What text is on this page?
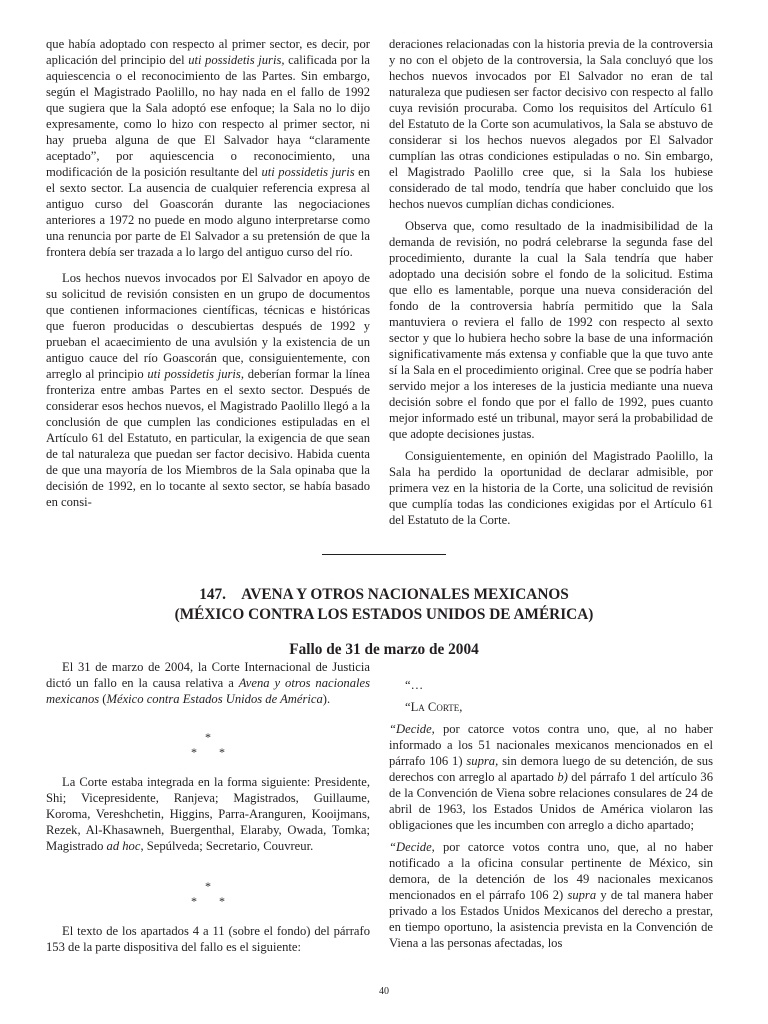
que había adoptado con respecto al primer sector, es decir, por aplicación del principio del uti possidetis juris, calificada por la aquiescencia o el reconocimiento de las Partes. Sin embargo, según el Magistrado Paolillo, no hay nada en el fallo de 1992 que sugiera que la Sala adoptó ese enfoque; la Sala no lo dijo expresamente, como lo hizo con respecto al primer sector, ni hay prueba alguna de que El Salvador haya “claramente aceptado”, por aquiescencia o reconocimiento, una modificación de la posición resultante del uti possidetis juris en el sexto sector. La ausencia de cualquier referencia expresa al antiguo curso del Goascorán durante las negociaciones anteriores a 1972 no puede en modo alguno interpretarse como una renuncia por parte de El Salvador a su pretensión de que la frontera debía ser trazada a lo largo del antiguo curso del río.

Los hechos nuevos invocados por El Salvador en apoyo de su solicitud de revisión consisten en un grupo de documentos que contienen informaciones científicas, técnicas e históricas que fueron producidas o descubiertas después de 1992 y prueban el acaecimiento de una avulsión y la existencia de un antiguo cauce del río Goascorán que, consiguientemente, con arreglo al principio uti possidetis juris, deberían formar la línea fronteriza entre ambas Partes en el sexto sector. Después de considerar esos hechos nuevos, el Magistrado Paolillo llegó a la conclusión de que cumplen las condiciones estipuladas en el Artículo 61 del Estatuto, en particular, la exigencia de que sean de tal naturaleza que puedan ser factor decisivo. Habida cuenta de que una mayoría de los Miembros de la Sala opinaba que la decisión de 1992, en lo tocante al sexto sector, se había basado en consi-

deraciones relacionadas con la historia previa de la controversia y no con el objeto de la controversia, la Sala concluyó que los hechos nuevos invocados por El Salvador no eran de tal naturaleza que pudiesen ser factor decisivo con respecto al fallo cuya revisión procuraba. Como los requisitos del Artículo 61 del Estatuto de la Corte son acumulativos, la Sala se abstuvo de considerar si los hechos nuevos alegados por El Salvador cumplían las otras condiciones estipuladas o no. Sin embargo, el Magistrado Paolillo cree que, si la Sala los hubiese considerado de tal modo, tendría que haber concluido que los hechos nuevos cumplían dichas condiciones.

Observa que, como resultado de la inadmisibilidad de la demanda de revisión, no podrá celebrarse la segunda fase del procedimiento, durante la cual la Sala tendría que haber adoptado una decisión sobre el fondo de la solicitud. Estima que ello es lamentable, porque una nueva consideración del fondo de la controversia habría permitido que la Sala mantuviera o reviera el fallo de 1992 con respecto al sexto sector y que lo hubiera hecho sobre la base de una información significativamente más extensa y confiable que la que tuvo ante sí la Sala en el procedimiento original. Cree que se podría haber servido mejor a los intereses de la justicia mediante una nueva decisión sobre el fondo que por el fallo de 1992, pues cuanto mejor informado esté un tribunal, mayor será la probabilidad de que adopte decisiones justas.

Consiguientemente, en opinión del Magistrado Paolillo, la Sala ha perdido la oportunidad de declarar admisible, por primera vez en la historia de la Corte, una solicitud de revisión que cumplía todas las condiciones exigidas por el Artículo 61 del Estatuto de la Corte.

147. AVENA Y OTROS NACIONALES MEXICANOS
(MÉXICO CONTRA LOS ESTADOS UNIDOS DE AMÉRICA)
Fallo de 31 de marzo de 2004

El 31 de marzo de 2004, la Corte Internacional de Justicia dictó un fallo en la causa relativa a Avena y otros nacionales mexicanos (México contra Estados Unidos de América).

*
* *

La Corte estaba integrada en la forma siguiente: Presidente, Shi; Vicepresidente, Ranjeva; Magistrados, Guillaume, Koroma, Vereshchetin, Higgins, Parra-Aranguren, Kooijmans, Rezek, Al-Khasawneh, Buergenthal, Elaraby, Owada, Tomka; Magistrado ad hoc, Sepúlveda; Secretario, Couvreur.

*
* *

El texto de los apartados 4 a 11 (sobre el fondo) del párrafo 153 de la parte dispositiva del fallo es el siguiente:

“…

“La Corte,

“Decide, por catorce votos contra uno, que, al no haber informado a los 51 nacionales mexicanos mencionados en el párrafo 106 1) supra, sin demora luego de su detención, de sus derechos con arreglo al apartado b) del párrafo 1 del artículo 36 de la Convención de Viena sobre relaciones consulares de 24 de abril de 1963, los Estados Unidos de América violaron las obligaciones que les incumben con arreglo a dicho apartado;

“Decide, por catorce votos contra uno, que, al no haber notificado a la oficina consular pertinente de México, sin demora, de la detención de los 49 nacionales mexicanos mencionados en el párrafo 106 2) supra y de tal manera haber privado a los Estados Unidos Mexicanos del derecho a prestar, en tiempo oportuno, la asistencia prevista en la Convención de Viena a las personas afectadas, los

40
